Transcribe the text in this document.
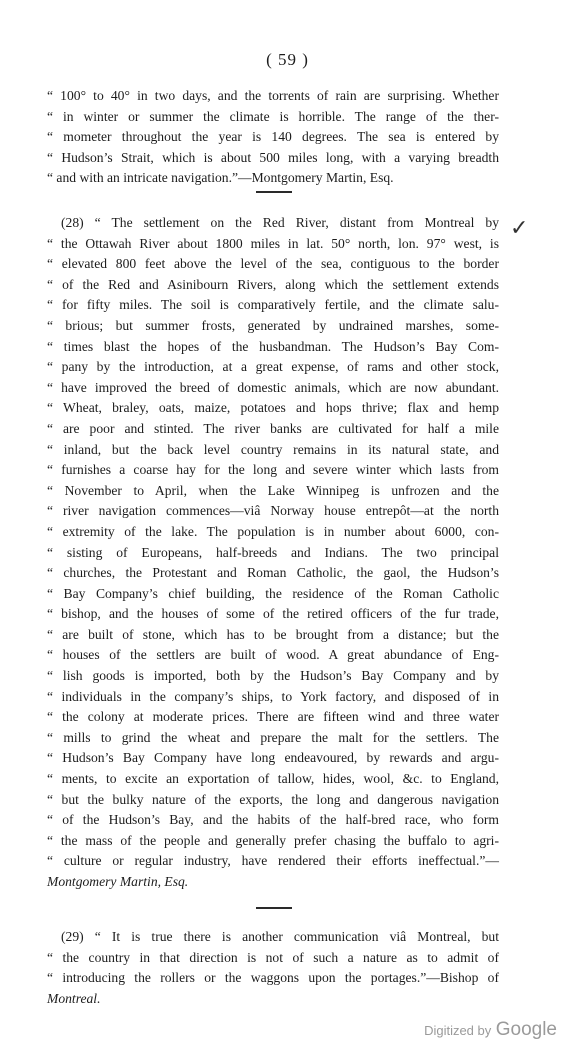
( 59 )
“ 100° to 40° in two days, and the torrents of rain are surprising. Whether
“ in winter or summer the climate is horrible. The range of the ther-
“ mometer throughout the year is 140 degrees. The sea is entered by
“ Hudson’s Strait, which is about 500 miles long, with a varying breadth
“ and with an intricate navigation.”—Montgomery Martin, Esq.
✓
(28) “ The settlement on the Red River, distant from Montreal by
“ the Ottawah River about 1800 miles in lat. 50° north, lon. 97° west, is
“ elevated 800 feet above the level of the sea, contiguous to the border
“ of the Red and Asinibourn Rivers, along which the settlement extends
“ for fifty miles. The soil is comparatively fertile, and the climate salu-
“ brious; but summer frosts, generated by undrained marshes, some-
“ times blast the hopes of the husbandman. The Hudson’s Bay Com-
“ pany by the introduction, at a great expense, of rams and other stock,
“ have improved the breed of domestic animals, which are now abundant.
“ Wheat, braley, oats, maize, potatoes and hops thrive; flax and hemp
“ are poor and stinted. The river banks are cultivated for half a mile
“ inland, but the back level country remains in its natural state, and
“ furnishes a coarse hay for the long and severe winter which lasts from
“ November to April, when the Lake Winnipeg is unfrozen and the
“ river navigation commences—viâ Norway house entrepôt—at the north
“ extremity of the lake. The population is in number about 6000, con-
“ sisting of Europeans, half-breeds and Indians. The two principal
“ churches, the Protestant and Roman Catholic, the gaol, the Hudson’s
“ Bay Company’s chief building, the residence of the Roman Catholic
“ bishop, and the houses of some of the retired officers of the fur trade,
“ are built of stone, which has to be brought from a distance; but the
“ houses of the settlers are built of wood. A great abundance of Eng-
“ lish goods is imported, both by the Hudson’s Bay Company and by
“ individuals in the company’s ships, to York factory, and disposed of in
“ the colony at moderate prices. There are fifteen wind and three water
“ mills to grind the wheat and prepare the malt for the settlers. The
“ Hudson’s Bay Company have long endeavoured, by rewards and argu-
“ ments, to excite an exportation of tallow, hides, wool, &c. to England,
“ but the bulky nature of the exports, the long and dangerous navigation
“ of the Hudson’s Bay, and the habits of the half-bred race, who form
“ the mass of the people and generally prefer chasing the buffalo to agri-
“ culture or regular industry, have rendered their efforts ineffectual.”—
Montgomery Martin, Esq.
(29) “ It is true there is another communication viâ Montreal, but
“ the country in that direction is not of such a nature as to admit of
“ introducing the rollers or the waggons upon the portages.”—Bishop of
Montreal.
Digitized by Google
